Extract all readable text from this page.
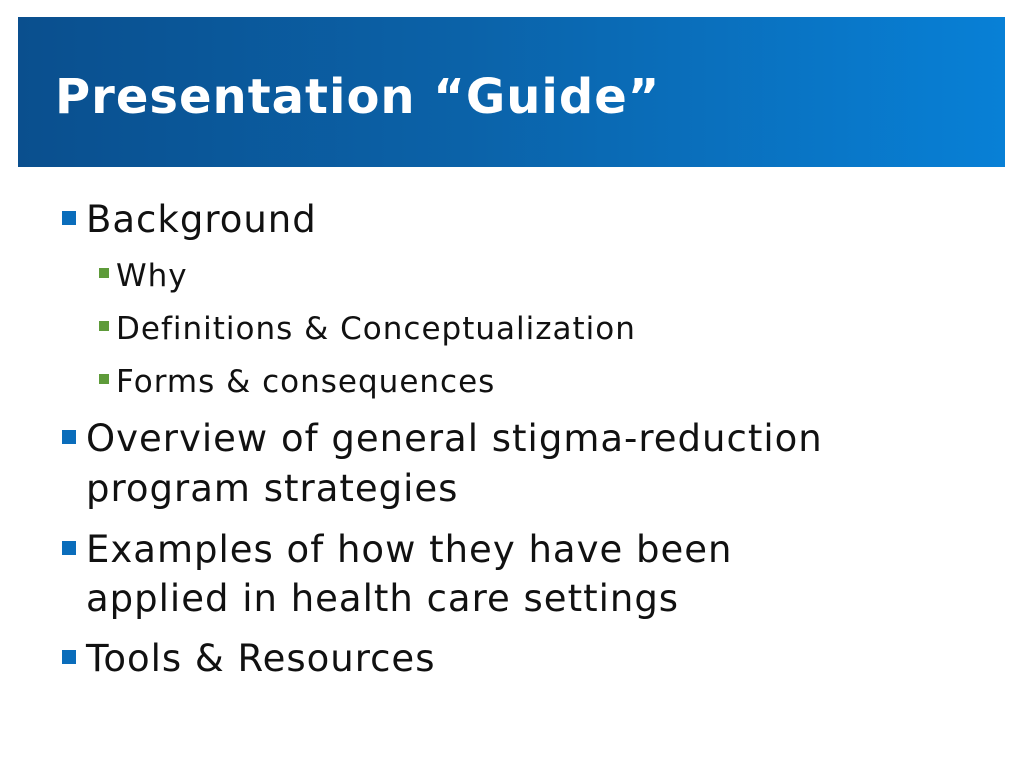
Presentation “Guide”
Background
Why
Definitions & Conceptualization
Forms & consequences
Overview of general stigma-reduction
program strategies
Examples of how they have been
applied in health care settings
Tools & Resources
